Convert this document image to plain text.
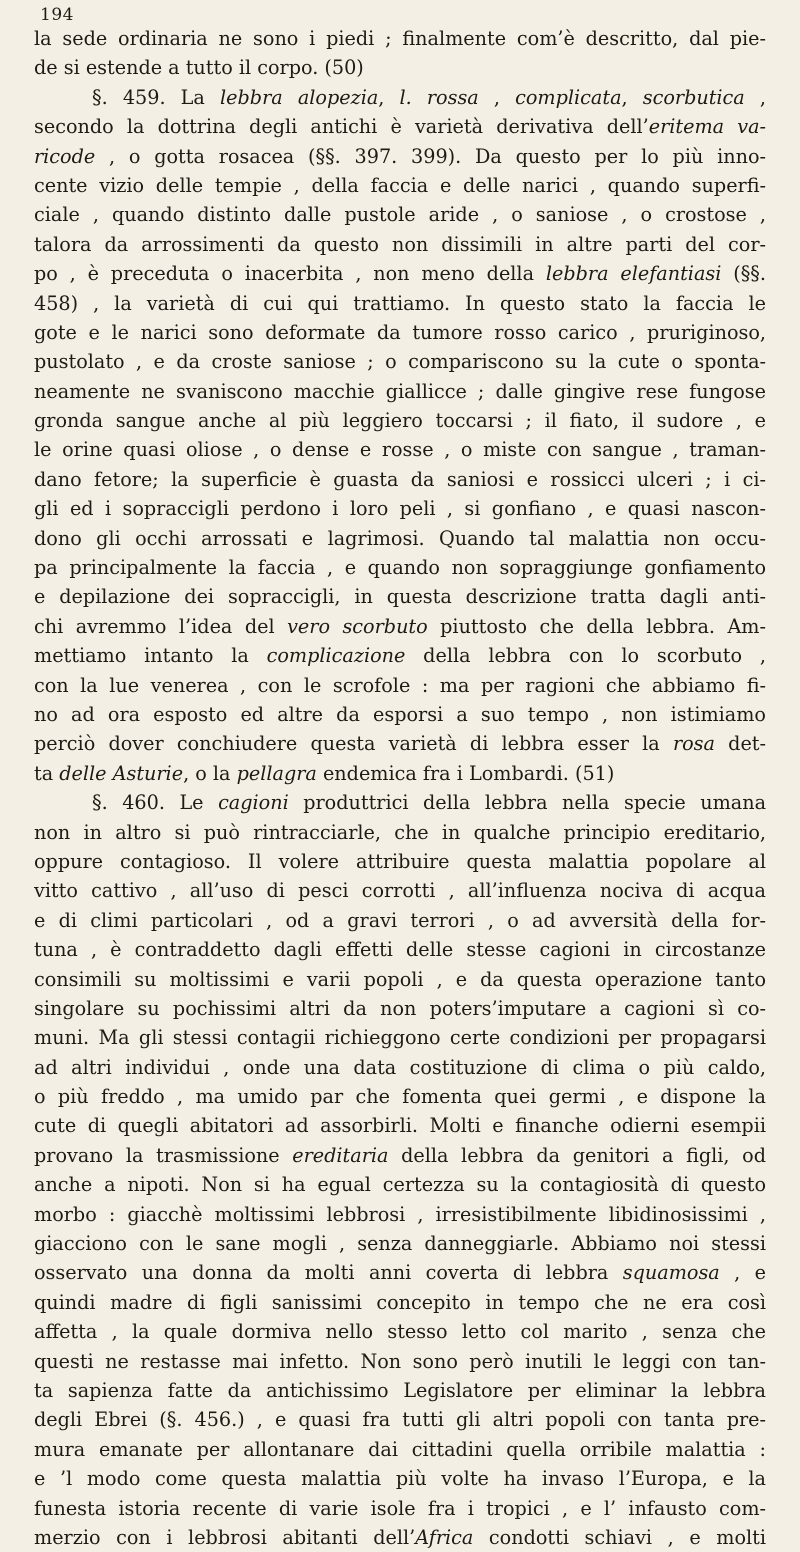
194
la sede ordinaria ne sono i piedi ; finalmente com’è descritto, dal pie-
de si estende a tutto il corpo. (50)
§. 459. La lebbra alopezia, l. rossa , complicata, scorbutica ,
secondo la dottrina degli antichi è varietà derivativa dell’eritema va-
ricode , o gotta rosacea (§§. 397. 399). Da questo per lo più inno-
cente vizio delle tempie , della faccia e delle narici , quando superfi-
ciale , quando distinto dalle pustole aride , o saniose , o crostose ,
talora da arrossimenti da questo non dissimili in altre parti del cor-
po , è preceduta o inacerbita , non meno della lebbra elefantiasi (§§.
458) , la varietà di cui qui trattiamo. In questo stato la faccia le
gote e le narici sono deformate da tumore rosso carico , pruriginoso,
pustolato , e da croste saniose ; o compariscono su la cute o sponta-
neamente ne svaniscono macchie giallicce ; dalle gingive rese fungose
gronda sangue anche al più leggiero toccarsi ; il fiato, il sudore , e
le orine quasi oliose , o dense e rosse , o miste con sangue , traman-
dano fetore; la superficie è guasta da saniosi e rossicci ulceri ; i ci-
gli ed i sopraccigli perdono i loro peli , si gonfiano , e quasi nascon-
dono gli occhi arrossati e lagrimosi. Quando tal malattia non occu-
pa principalmente la faccia , e quando non sopraggiunge gonfiamento
e depilazione dei sopraccigli, in questa descrizione tratta dagli anti-
chi avremmo l’idea del vero scorbuto piuttosto che della lebbra. Am-
mettiamo intanto la complicazione della lebbra con lo scorbuto ,
con la lue venerea , con le scrofole : ma per ragioni che abbiamo fi-
no ad ora esposto ed altre da esporsi a suo tempo , non istimiamo
perciò dover conchiudere questa varietà di lebbra esser la rosa det-
ta delle Asturie, o la pellagra endemica fra i Lombardi. (51)
§. 460. Le cagioni produttrici della lebbra nella specie umana
non in altro si può rintracciarle, che in qualche principio ereditario,
oppure contagioso. Il volere attribuire questa malattia popolare al
vitto cattivo , all’uso di pesci corrotti , all’influenza nociva di acqua
e di climi particolari , od a gravi terrori , o ad avversità della for-
tuna , è contraddetto dagli effetti delle stesse cagioni in circostanze
consimili su moltissimi e varii popoli , e da questa operazione tanto
singolare su pochissimi altri da non poters’imputare a cagioni sì co-
muni. Ma gli stessi contagii richieggono certe condizioni per propagarsi
ad altri individui , onde una data costituzione di clima o più caldo,
o più freddo , ma umido par che fomenta quei germi , e disponе la
cute di quegli abitatori ad assorbirli. Molti e finanche odierni esempii
provano la trasmissione ereditaria della lebbra da genitori a figli, od
anche a nipoti. Non si ha egual certezza su la contagiosità di questo
morbo : giacchè moltissimi lebbrosi , irresistibilmente libidinosissimi ,
giacciono con le sane mogli , senza danneggiarle. Abbiamo noi stessi
osservato una donna da molti anni coverta di lebbra squamosa , e
quindi madre di figli sanissimi concepito in tempo che ne era così
affetta , la quale dormiva nello stesso letto col marito , senza che
questi ne restasse mai infetto. Non sono però inutili le leggi con tan-
ta sapienza fatte da antichissimo Legislatore per eliminar la lebbra
degli Ebrei (§. 456.) , e quasi fra tutti gli altri popoli con tanta pre-
mura emanate per allontanare dai cittadini quella orribile malattia :
e ’l modo come questa malattia più volte ha invaso l’Europa, e la
funesta istoria recente di varie isole fra i tropici , e l’ infausto com-
merzio con i lebbrosi abitanti dell’Africa condotti schiavi , e molti
